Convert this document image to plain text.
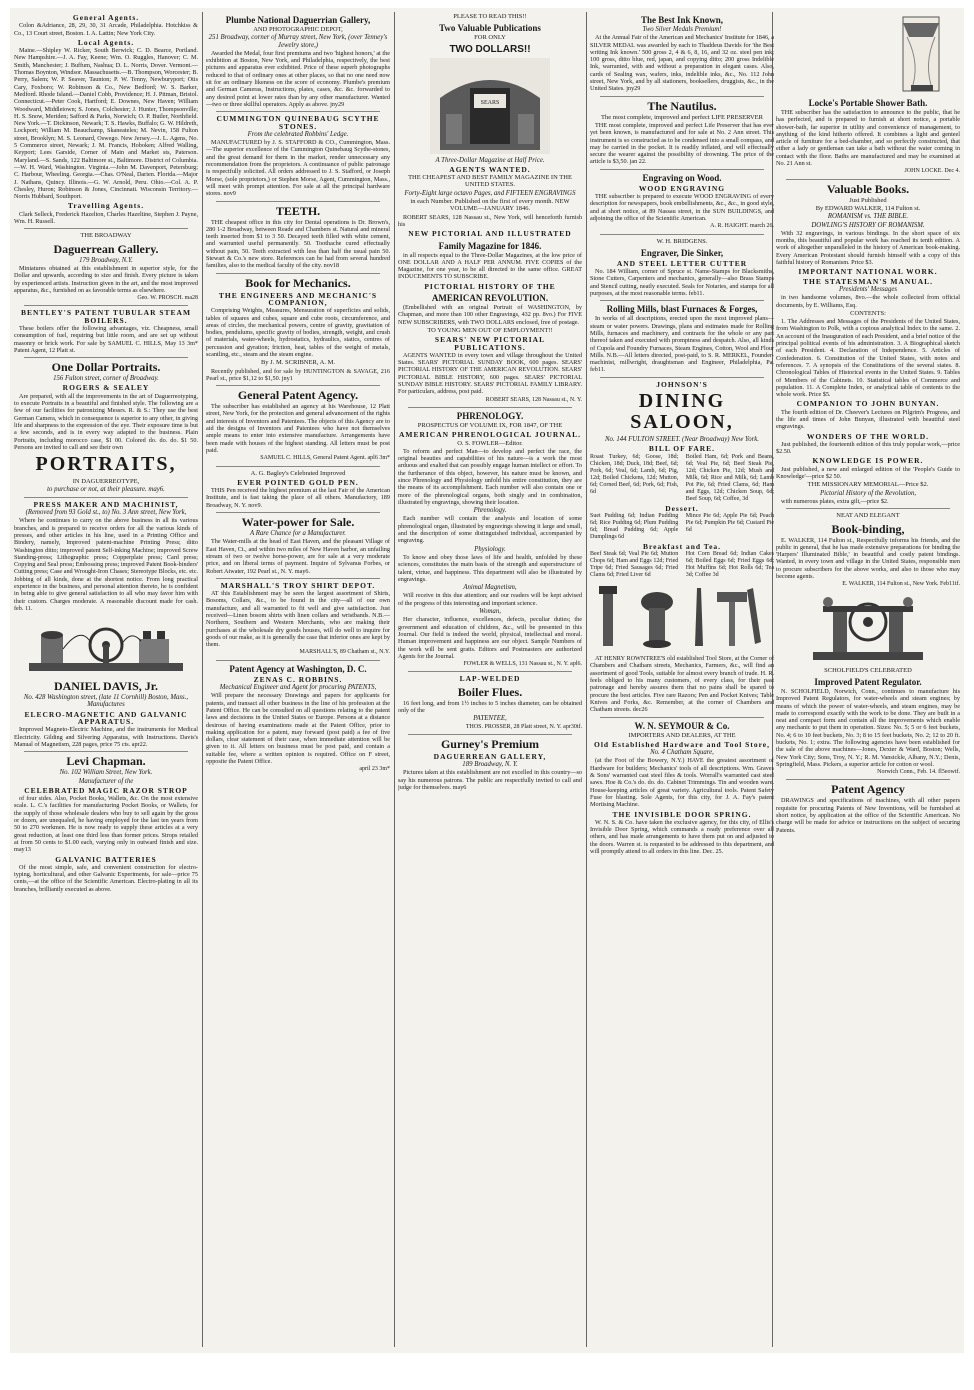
General Agents.

Colon &Adriance, 28, 29, 30, 31 Arcade, Philadelphia. Hotchkiss & Co., 13 Court street, Boston. I. A. Lattin; New York City.

Local Agents.

Maine.—Shipley W. Ricker, South Berwick; C. D. Bearce, Portland. New Hampshire.—J. A. Fay, Keene; Wm. O. Ruggles, Hanover; C. M. Smith, Manchester; J. Buffum, Nashua; D. L. Norris, Dover. Vermont.—Thomas Boynton, Windsor. Massachusetts.—B. Thompson, Worcester; B. Perry, Salem; W. P. Seaver, Taunton; P. W. Tenny, Newburyport; Otis Cary, Foxboro; W. Robinson & Co., New Bedford; W. S. Barker, Medford. Rhode Island.—Daniel Cobb, Providence; H. J. Pitman, Bristol. Connecticut.—Peter Cook, Hartford; E. Downes, New Haven; William Woodward, Middletown; S. Jones, Colchester; J. Hunter, Thompsonville; H. S. Snow, Meriden; Safford & Parks, Norwich; O. P. Butler, Northfield. New York.—T. Dickinson, Newark; T. S. Hawks, Buffalo; G. W. Hildreth, Lockport; William M. Beauchamp, Skaneateles; M. Nevin, 158 Fulton street, Brooklyn; M. S. Leonard, Oswego. New Jersey.—J. L. Agens, No. 5 Commerce street, Newark; J. M. Francis, Hoboken; Alfred Walling, Keyport; Lees Garside, Corner of Main and Market sts, Paterson. Maryland.—S. Sands, 122 Baltimore st., Baltimore. District of Columbia.—W. H. Ward, Washington. Virginia.—John M. Davenport, Petersburg; C. Harbour, Wheeling. Georgia.—Chas. O'Neal, Darien. Florida.—Major J. Nathans, Quincy. Illinois.—G. W. Arnold, Peru. Ohio.—Col. A. P. Chesley, Huron; Robinson & Jones, Cincinnati. Wisconsin Territory.—Norris Hubbard, Southport.

Travelling Agents.

Clark Selleck, Frederick Hazelton, Charles Hazeltine, Stephen J. Payne, Wm. H. Russell.

THE BROADWAY
Daguerrean Gallery.
179 Broadway, N.Y.

Miniatures obtained at this establishment in superior style, for the Dollar and upwards, according to size and finish. Every picture is taken by experienced artists. Instruction given in the art, and the most improved apparatus, &c., furnished on as favorable terms as elsewhere.

Geo. W. PROSCH. ma28
BENTLEY'S PATENT TUBULAR STEAM BOILERS.

These boilers offer the following advantages, viz. Cheapness, small consumption of fuel, requiring but little room, and are set up without masonry or brick work. For sale by SAMUEL C. HILLS, May 13 3m* Patent Agent, 12 Platt st.

One Dollar Portraits.
156 Fulton street, corner of Broadway.
ROGERS & SEALEY

Are prepared, with all the improvements in the art of Daguerreotyping, to execute Portraits in a beautiful and finished style. The following are a few of our facilities for patronizing Messrs. R. & S.: They use the best German Camera, which in consequence is superior to any other, in giving life and sharpness to the expression of the eye. Their exposure time is but a few seconds, and is in every way adapted to the business. Plain Portraits, including morocco case, $1 00. Colored do. do. do. $1 50. Persons are invited to call and see their own

PORTRAITS,
IN DAGUERREOTYPE,
to purchase or not, at their pleasure. may6.
PRESS MAKER AND MACHINIST,
(Removed from 93 Gold st., to) No. 3 Ann street, New York,

Where he continues to carry on the above business in all its various branches, and is prepared to receive orders for all the various kinds of presses, and other articles in his line, used in a Printing Office and Bindery, namely, Improved patent-machine Printing Press; ditto Washington ditto; improved patent Self-inking Machine; improved Screw Standing-press; Lithographic press; Copperplate press; Card press; Copying and Seal press; Embossing press; improved Patent Book-binders' Cutting press; Case and Wrought-Iron Chases; Stereotype Blocks, etc. etc. Jobbing of all kinds, done at the shortest notice. From long practical experience in the business, and personal attention thereto, he is confident in being able to give general satisfaction to all who may favor him with their custom. Charges moderate. A reasonable discount made for cash. feb. 11.

DANIEL DAVIS, Jr.
No. 428 Washington street, (late 11 Cornhill) Boston, Mass., Manufactures
ELECRO-MAGNETIC AND GALVANIC APPARATUS.

Improved Magneto-Electric Machine, and the instruments for Medical Electricity. Gilding and Silvering Apparatus, with Instructions. Davis's Manual of Magnetism, 228 pages, price 75 cts. apr22.

Levi Chapman.
No. 102 William Street, New York.
Manufacturer of the
CELEBRATED MAGIC RAZOR STROP

of four sides. Also, Pocket Books, Wallets, &c. On the most extensive scale. L. C.'s facilities for manufacturing Pocket Books, or Wallets, for the supply of those wholesale dealers who buy to sell again by the gross or dozen, are unequaled, he having employed for the last ten years from 50 to 270 workmen. He is now ready to supply these articles at a very great reduction, at least one third less than former prices. Strops retailed at from 50 cents to $1.00 each, varying only in outward finish and size. may13

GALVANIC BATTERIES

Of the most simple, safe, and convenient construction for electro-typing, horticultural, and other Galvanic Experiments, for sale—price 75 cents,—at the office of the Scientific American. Electro-plating in all its branches, brilliantly executed as above.

Plumbe National Daguerrian Gallery,
AND PHOTOGRAPHIC DEPOT,
251 Broadway, corner of Murray street, New York, (over Tenney's Jewelry store,)

Awarded the Medal, four first premiums and two 'highest honors,' at the exhibition at Boston, New York, and Philadelphia, respectively, the best pictures and apparatus ever exhibited. Price of these superb photographs reduced to that of ordinary ones at other places, so that no one need now sit for an ordinary likeness on the score of economy. Plumbe's premium and German Cameras, Instructions, plates, cases, &c. &c. forwarded to any desired point at lower rates than by any other manufacturer. Wanted—two or three skillful operators. Apply as above. jny29

CUMMINGTON QUINEBAUG SCYTHE STONES.
From the celebrated Robbins' Ledge.

MANUFACTURED by J. S. STAFFORD & CO., Cummington, Mass.—The superior excellence of the Cummington Quinebaug Scythe-stones, and the great demand for them in the market, render unnecessary any recommendation from the proprietors. A continuance of public patronage is respectfully solicited. All orders addressed to J. S. Stafford, or Joseph Morse, (sole proprietors,) or Stephen Morse, Agent, Cummington, Mass., will meet with prompt attention. For sale at all the principal hardware stores. nov9

TEETH.

THE cheapest office in this city for Dental operations is Dr. Brown's, 280 1-2 Broadway, between Reade and Chambers st. Natural and mineral teeth inserted from $1 to 3 50. Decayed teeth filled with white cement, and warranted useful permanently. 50. Toothache cured effectually without pain, 50. Teeth extracted with less than half the usual pain 50. Stewart & Co.'s new store. References can be had from several hundred families, also to the medical faculty of the city. nov18

Book for Mechanics.
THE ENGINEERS AND MECHANIC'S COMPANION,

Comprising Weights, Measures, Mensuration of superficies and solids, tables of squares and cubes, square and cube roots, circumference, and areas of circles, the mechanical powers, centre of gravity, gravitation of bodies, pendulums, specific gravity of bodies, strength, weight, and crush of materials, water-wheels, hydrostatics, hydraulics, statics, centres of percussion and gyration; friction, heat, tables of the weight of metals, scantling, etc., steam and the steam engine.

By J. M. SCRIBNER, A. M.

Recently published, and for sale by HUNTINGTON & SAVAGE, 216 Pearl st., price $1,12 to $1,50. jny1

General Patent Agency.

The subscriber has established an agency at his Warehouse, 12 Platt street, New York, for the protection and general advancement of the rights and interests of Inventors and Patentees. The objects of this Agency are to aid the designs of Inventors and Patentees who have not themselves ample means to enter into extensive manufacture. Arrangements have been made with houses of the highest standing. All letters must be post paid.

SAMUEL C. HILLS, General Patent Agent. apl6 3m*
A. G. Bagley's Celebrated Improved
EVER POINTED GOLD PEN.

THIS Pen received the highest premium at the last Fair of the American Institute, and is fast taking the place of all others. Manufactory, 189 Broadway, N. Y. nov9.

Water-power for Sale.
A Rare Chance for a Manufacturer.

The Water-mills at the head of East Haven, and the pleasant Village of East Haven, Ct., and within two miles of New Haven harbor, an unfailing stream of two or twelve horse-power, are for sale at a very moderate price, and on liberal terms of payment. Inquire of Sylvanus Forbes, or Robert Atwater, 192 Pearl st., N. Y. may6.

MARSHALL'S TROY SHIRT DEPOT.

AT this Establishment may be seen the largest assortment of Shirts, Bosoms, Collars, &c., to be found in the city—all of our own manufacture, and all warranted to fit well and give satisfaction. Just received—Linen bosom shirts with linen collars and wristbands. N.B.—Northern, Southern and Western Merchants, who are making their purchases at the wholesale dry goods houses, will do well to inquire for goods of our make, as it is generally the case that inferior ones are kept by them.

MARSHALL'S, 89 Chatham st., N.Y.
Patent Agency at Washington, D. C.
ZENAS C. ROBBINS.
Mechanical Engineer and Agent for procuring PATENTS,

Will prepare the necessary Drawings and papers for applicants for patents, and transact all other business in the line of his profession at the Patent Office. He can be consulted on all questions relating to the patent laws and decisions in the United States or Europe. Persons at a distance desirous of having examinations made at the Patent Office, prior to making application for a patent, may forward (post paid) a fee of five dollars, clear statement of their case, when immediate attention will be given to it. All letters on business must be post paid, and contain a suitable fee, where a written opinion is required. Office on F street, opposite the Patent Office.

april 23 3m*
PLEASE TO READ THIS!!
Two Valuable Publications
FOR ONLY
TWO DOLLARS!!
SEARS
A Three-Dollar Magazine at Half Price.
AGENTS WANTED.
THE CHEAPEST AND BEST FAMILY MAGAZINE IN THE UNITED STATES.
Forty-Eight large octavo Pages, and FIFTEEN ENGRAVINGS
in each Number. Published on the first of every month. NEW VOLUME—JANUARY 1846.

ROBERT SEARS, 128 Nassau st., New York, will henceforth furnish his

NEW PICTORIAL AND ILLUSTRATED
Family Magazine for 1846.

in all respects equal to the Three-Dollar Magazines, at the low price of ONE DOLLAR AND A HALF PER ANNUM. FIVE COPIES of the Magazine, for one year, to be all directed to the same office. GREAT INDUCEMENTS TO SUBSCRIBE.

PICTORIAL HISTORY OF THE
AMERICAN REVOLUTION.

(Embellished with an original Portrait of WASHINGTON, by Chapman, and more than 100 other Engravings, 432 pp. 8vo.) For FIVE NEW SUBSCRIBERS, with TWO DOLLARS enclosed, free of postage.

TO YOUNG MEN OUT OF EMPLOYMENT!!
SEARS' NEW PICTORIAL PUBLICATIONS.

AGENTS WANTED in every town and village throughout the United States. SEARS' PICTORIAL SUNDAY BOOK, 600 pages. SEARS' PICTORIAL HISTORY OF THE AMERICAN REVOLUTION. SEARS' PICTORIAL BIBLE HISTORY, 600 pages. SEARS' PICTORIAL SUNDAY BIBLE HISTORY. SEARS' PICTORIAL FAMILY LIBRARY. For particulars, address, post paid.

ROBERT SEARS, 128 Nassau st., N. Y.
PHRENOLOGY.
PROSPECTUS OF VOLUME IX, FOR 1847, OF THE
AMERICAN PHRENOLOGICAL JOURNAL.
O. S. FOWLER—Editor.

To reform and perfect Man—to develop and perfect the race, the original beauties and capabilities of his nature—is a work the most arduous and exalted that can possibly engage human intellect or effort. To the furtherance of this object, however, his nature must be known, and since Phrenology and Physiology unfold his entire constitution, they are the means of its accomplishment. Each number will also contain one or more of the phrenological organs, both singly and in combination, illustrated by engravings, showing their location.

Phrenology.

Each number will contain the analysis and location of some phrenological organ, illustrated by engravings showing it large and small, and the description of some distinguished individual, accompanied by engraving.

Physiology.

To know and obey those laws of life and health, unfolded by these sciences, constitutes the main basis of the strength and superstructure of talent, virtue, and happiness. This department will also be illustrated by engravings.

Animal Magnetism,

Will receive in this due attention; and our readers will be kept advised of the progress of this interesting and important science.

Woman,

Her character, influence, excellences, defects, peculiar duties; the government and education of children, &c., will be presented in this Journal. Our field is indeed the world, physical, intellectual and moral. Human improvement and happiness are our object. Sample Numbers of the work will be sent gratis. Editors and Postmasters are authorized Agents for the Journal.

FOWLER & WELLS, 131 Nassau st., N. Y. apl6.
LAP-WELDED
Boiler Flues.

16 feet long, and from 1½ inches to 5 inches diameter, can be obtained only of the

PATENTEE,
THOS. PROSSER, 28 Platt street, N. Y. apr30tf.
Gurney's Premium
DAGUERREAN GALLERY,
189 Broadway, N. Y.

Pictures taken at this establishment are not excelled in this country—so say his numerous patrons. The public are respectfully invited to call and judge for themselves. may6

The Best Ink Known,
Two Silver Medals Premium!

At the Annual Fair of the American and Mechanics' Institute for 1846, a SILVER MEDAL was awarded by each to Thaddeus Davids for 'the Best writing Ink known.' 500 gross 2, 4 & 6, 8, 16, and 32 oz. steel pen ink; 100 gross, ditto blue, red, japan, and copying ditto; 200 gross Indelible Ink, warranted, with and without a preparation in elegant cases. Also, cards of Sealing wax, wafers, inks, indelible inks, &c., No. 112 John street, New York, and by all stationers, booksellers, druggists, &c., in the United States. jny29

The Nautilus.
The most complete, improved and perfect LIFE PRESERVER

THE most complete, improved and perfect Life Preserver that has ever yet been known, is manufactured and for sale at No. 2 Ann street. This instrument is so constructed as to be condensed into a small compass, and may be carried in the pocket. It is readily inflated, and will effectually secure the wearer against the possibility of drowning. The price of the article is $3,50. jan 22.

Engraving on Wood.
WOOD ENGRAVING

THE subscriber is prepared to execute WOOD ENGRAVING of every description for newspapers, book embellishments, &c., &c., in good style, and at short notice, at 89 Nassau street, in the SUN BUILDINGS, and adjoining the office of the Scientific American.

A. R. HAIGHT. march 26.
W. H. BRIDGENS.
Engraver, Die Sinker,
AND STEEL LETTER CUTTER

No. 184 William, corner of Spruce st. Name-Stamps for Blacksmiths, Stone Cutters, Carpenters and mechanics, generally—also Brass Stamps and Stencil cutting, neatly executed. Seals for Notaries, and stamps for all purposes, at the most reasonable terms. feb11.

Rolling Mills, blast Furnaces & Forges,

In works of all descriptions, erected upon the most improved plans—steam or water powers. Drawings, plans and estimates made for Rolling Mills, furnaces and machinery, and contracts for the whole or any part thereof taken and executed with promptness and despatch. Also, all kinds of Cupola and Foundry Furnaces, Steam Engines, Cotton, Wool and Flour Mills. N.B.—All letters directed, post-paid, to S. R. MERKEL, Founder-machinist, millwright, draughtsman and Engineer, Philadelphia, Pa. feb11.

JOHNSON'S
DINING SALOON,
No. 144 FULTON STREET. (Near Broadway) New York.
BILL OF FARE.
Roast Turkey, 6d; Goose, 18d; Chicken, 18d; Duck, 18d; Beef, 6d; Pork, 6d; Veal, 6d; Lamb, 6d; Pig, 12d; Boiled Chickens, 12d; Mutton, 6d; Corned Beef, 6d; Pork, 6d; Fish, 6d
Boiled Ham, 6d; Pork and Beans, 6d; Veal Pie, 6d; Beef Steak Pie, 12d; Chicken Pie, 12d; Mush and Milk, 6d; Rice and Milk, 6d; Lamb Pot Pie, 6d; Fried Clams, 6d; Ham and Eggs, 12d; Chicken Soup, 6d; Beef Soup, 6d; Coffee, 3d
Dessert.
Suet Pudding 6d; Indian Pudding 6d; Rice Pudding 6d; Plum Pudding 6d; Bread Pudding 6d; Apple Dumplings 6d
Mince Pie 6d; Apple Pie 6d; Peach Pie 6d; Pumpkin Pie 6d; Custard Pie 6d
Breakfast and Tea.
Beef Steak 6d; Veal Pie 6d; Mutton Chops 6d; Ham and Eggs 12d; Fried Tripe 6d; Fried Sausages 6d; Fried Clams 6d; Fried Liver 6d
Hot Corn Bread 6d; Indian Cakes 6d; Boiled Eggs 6d; Fried Eggs 6d; Hot Muffins 6d; Hot Rolls 6d; Tea 3d; Coffee 3d

AT HENRY ROWNTREE'S old established Tool Store, at the Corner of Chambers and Chatham streets, Mechanics, Farmers, &c., will find an assortment of good Tools, suitable for almost every branch of trade. H. R. feels obliged to his many customers, of every class, for their past patronage and hereby assures them that no pains shall be spared to procure the best articles. Five rare Razors; Pen and Pocket Knives; Table Knives and Forks, &c. Remember, at the corner of Chambers and Chatham streets. dec26

W. N. SEYMOUR & Co.
IMPORTERS AND DEALERS, AT THE
Old Established Hardware and Tool Store,
No. 4 Chatham Square,

(at the Foot of the Bowery, N.Y.) HAVE the greatest assortment of Hardware for builders; Mechanics' tools of all descriptions. Wm. Graves & Sons' warranted cast steel files & tools. Worrall's warranted cast steel saws. Hoe & Co.'s do. do. do. Cabinet Trimmings. Tin and wooden ware. House-keeping articles of great variety. Agricultural tools. Patent Safety Fuse for blasting. Sole Agents, for this city, for J. A. Fay's patent Mortising Machine.

THE INVISIBLE DOOR SPRING.

W. N. S. & Co. have taken the exclusive agency, for this city, of Ellis's Invisible Door Spring, which commands a ready preference over all others, and has made arrangements to have them put on and adjusted to the doors. Warren st. is requested to be addressed to this department, and will promptly attend to all orders in this line. Dec. 25.

Locke's Portable Shower Bath.

THE subscriber has the satisfaction to announce to the public, that he has perfected, and is prepared to furnish at short notice, a portable shower-bath, far superior in utility and convenience of management, to anything of the kind hitherto offered. It combines a light and genteel article of furniture for a bed-chamber, and so perfectly constructed, that either a lady or gentleman can take a bath without the water coming in contact with the floor. Baths are manufactured and may be examined at No. 21 Ann st.

JOHN LOCKE. Dec 4.
Valuable Books.
Just Published
By EDWARD WALKER, 114 Fulton st.
ROMANISM vs. THE BIBLE.
DOWLING'S HISTORY OF ROMANISM.

With 32 engravings, in various bindings. In the short space of six months, this beautiful and popular work has reached its tenth edition. A work of altogether unparalleled in the history of American book-making. Every American Protestant should furnish himself with a copy of this faithful history of Romanism. Price $3.

IMPORTANT NATIONAL WORK.
THE STATESMAN'S MANUAL.
Presidents' Messages

in two handsome volumes, 8vo.—the whole collected from official documents, by E. Williams, Esq.

CONTENTS:

1. The Addresses and Messages of the Presidents of the United States, from Washington to Polk, with a copious analytical Index to the same. 2. An account of the Inauguration of each President, and a brief notice of the principal political events of his administration. 3. A Biographical sketch of each President. 4. Declaration of Independence. 5. Articles of Confederation. 6. Constitution of the United States, with notes and references. 7. A synopsis of the Constitutions of the several states. 8. Chronological Tables of Historical events in the United States. 9. Tables of Members of the Cabinets. 10. Statistical tables of Commerce and population. 11. A Complete Index, or analytical table of contents to the whole work. Price $5.

COMPANION TO JOHN BUNYAN.

The fourth edition of Dr. Cheever's Lectures on Pilgrim's Progress, and the life and times of John Bunyan, illustrated with beautiful steel engravings.

WONDERS OF THE WORLD.

Just published, the fourteenth edition of this truly popular work,—price $2.50.

KNOWLEDGE IS POWER.

Just published, a new and enlarged edition of the 'People's Guide to Knowledge'—price $2 50.

THE MISSIONARY MEMORIAL—Price $2.
Pictorial History of the Revolution,

with numerous plates, extra gilt,—price $2.

NEAT AND ELEGANT
Book-binding,

E. WALKER, 114 Fulton st., Respectfully informs his friends, and the public in general, that he has made extensive preparations for binding the 'Harpers' Illuminated Bible,' in beautiful and costly patent bindings. Wanted, in every town and village in the United States, responsible men to procure subscribers for the above works, and also to those who may become agents.

E. WALKER, 114 Fulton st., New York. Feb11tf.
SCHOLFIELD'S CELEBRATED
Improved Patent Regulator.

N. SCHOLFIELD, Norwich, Conn., continues to manufacture his Improved Patent Regulators, for water-wheels and steam engines; by means of which the power of water-wheels, and steam engines, may be made to correspond exactly with the work to be done. They are built in a neat and compact form and contain all the improvements which enable any mechanic to put them in operation. Sizes: No. 5; 5 or 6 feet buckets, No. 4; 6 to 10 feet buckets, No. 3; 8 to 15 feet buckets, No. 2; 12 to 20 ft. buckets, No. 1; extra. The following agencies have been established for the sale of the above machines—Jones, Dexter & Ward, Boston; Wells, New York City; Sons, Troy, N. Y.; R. M. Vansickle, Albany, N.Y.; Denis, Springfield, Mass. Pickers, a superior article for cotton or wool.

Norwich Conn., Feb. 14. fl5eowtf.
Patent Agency

DRAWINGS and specifications of machines, with all other papers requisite for procuring Patents of New Inventions, will be furnished at short notice, by application at the office of the Scientific American. No charge will be made for advice or instructions on the subject of securing Patents.
